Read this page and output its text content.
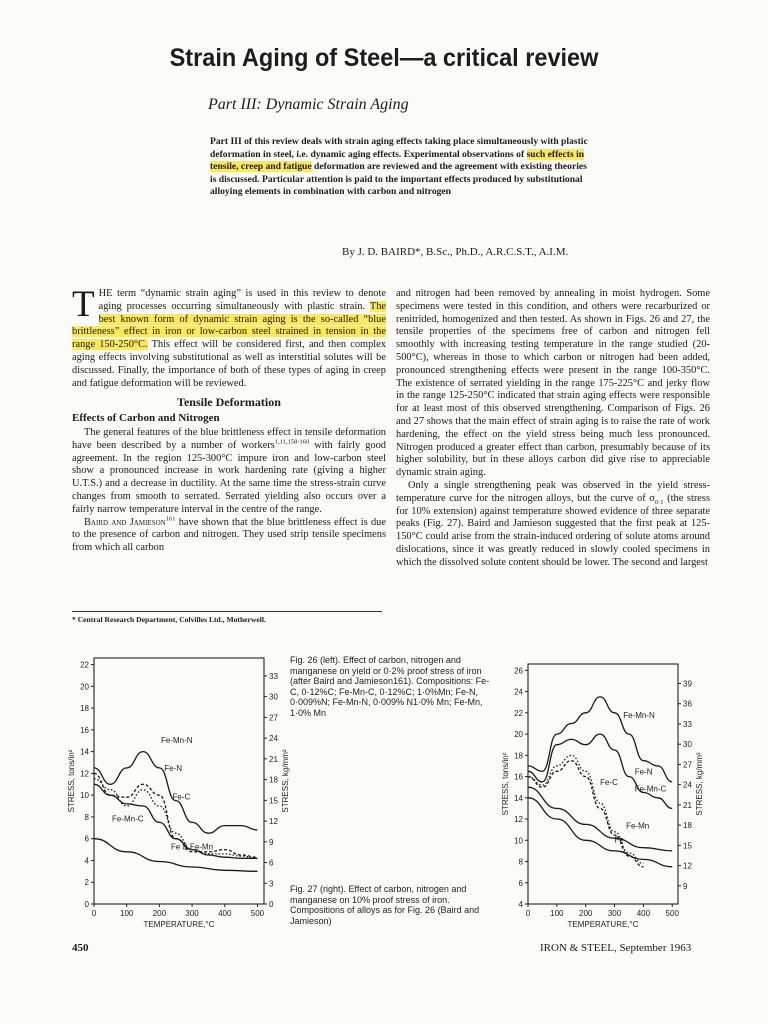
Strain Aging of Steel—a critical review
Part III: Dynamic Strain Aging
Part III of this review deals with strain aging effects taking place simultaneously with plastic deformation in steel, i.e. dynamic aging effects. Experimental observations of such effects in tensile, creep and fatigue deformation are reviewed and the agreement with existing theories is discussed. Particular attention is paid to the important effects produced by substitutional alloying elements in combination with carbon and nitrogen
By J. D. BAIRD*, B.Sc., Ph.D., A.R.C.S.T., A.I.M.

THE term “dynamic strain aging” is used in this review to denote aging processes occurring simultaneously with plastic strain. The best known form of dynamic strain aging is the so-called “blue brittleness” effect in iron or low-carbon steel strained in tension in the range 150-250°C. This effect will be considered first, and then complex aging effects involving substitutional as well as interstitial solutes will be discussed. Finally, the importance of both of these types of aging in creep and fatigue deformation will be reviewed.

Tensile Deformation
Effects of Carbon and Nitrogen

The general features of the blue brittleness effect in tensile deformation have been described by a number of workers$^{1,11,158-160}$ with fairly good agreement. In the region 125-300°C impure iron and low-carbon steel show a pronounced increase in work hardening rate (giving a higher U.T.S.) and a decrease in ductility. At the same time the stress-strain curve changes from smooth to serrated. Serrated yielding also occurs over a fairly narrow temperature interval in the centre of the range.

Baird and Jamieson$^{161}$ have shown that the blue brittleness effect is due to the presence of carbon and nitrogen. They used strip tensile specimens from which all carbon

and nitrogen had been removed by annealing in moist hydrogen. Some specimens were tested in this condition, and others were recarburized or renitrided, homogenized and then tested. As shown in Figs. 26 and 27, the tensile properties of the specimens free of carbon and nitrogen fell smoothly with increasing testing temperature in the range studied (20-500°C), whereas in those to which carbon or nitrogen had been added, pronounced strengthening effects were present in the range 100-350°C. The existence of serrated yielding in the range 175-225°C and jerky flow in the range 125-250°C indicated that strain aging effects were responsible for at least most of this observed strengthening. Comparison of Figs. 26 and 27 shows that the main effect of strain aging is to raise the rate of work hardening, the effect on the yield stress being much less pronounced. Nitrogen produced a greater effect than carbon, presumably because of its higher solubility, but in these alloys carbon did give rise to appreciable dynamic strain aging.

Only a single strengthening peak was observed in the yield stress-temperature curve for the nitrogen alloys, but the curve of $\sigma_{0\cdot 1}$ (the stress for 10% extension) against temperature showed evidence of three separate peaks (Fig. 27). Baird and Jamieson suggested that the first peak at 125-150°C could arise from the strain-induced ordering of solute atoms around dislocations, since it was greatly reduced in slowly cooled specimens in which the dissolved solute content should be lower. The second and largest

* Central Research Department, Colvilles Ltd., Motherwell.
0
2
4
6
8
10
12
14
16
18
20
22
0
3
6
9
12
15
18
21
24
27
30
33
0	100 200 300 400 500
TEMPERATURE,°C
STRESS, tons/in²	STRESS, kg/mm²
Fe-Mn-N
Fe-N
Fe-C
Fe-Mn-C
Fe & Fe-Mn
4
6
8
10
12
14
16
18
20
22
24
26
9
12
15
18
21
24
27
30
33
36
39
0 100 200 300 400 500
TEMPERATURE,°C
STRESS, tons/in²	STRESS, kg/mm²
Fe-Mn-N
Fe-N
Fe-C
Fe-Mn-C
Fe-Mn
Fe
Fig. 26 (left). Effect of carbon, nitrogen and manganese on yield or 0·2% proof stress of iron (after Baird and Jamieson161). Compositions: Fe-C, 0·12%C; Fe-Mn-C, 0·12%C; 1·0%Mn; Fe-N, 0·009%N; Fe-Mn-N, 0·009% N1·0% Mn; Fe-Mn, 1·0% Mn
Fig. 27 (right). Effect of carbon, nitrogen and manganese on 10% proof stress of iron. Compositions of alloys as for Fig. 26 (Baird and Jamieson)
450	IRON & STEEL, September 1963
